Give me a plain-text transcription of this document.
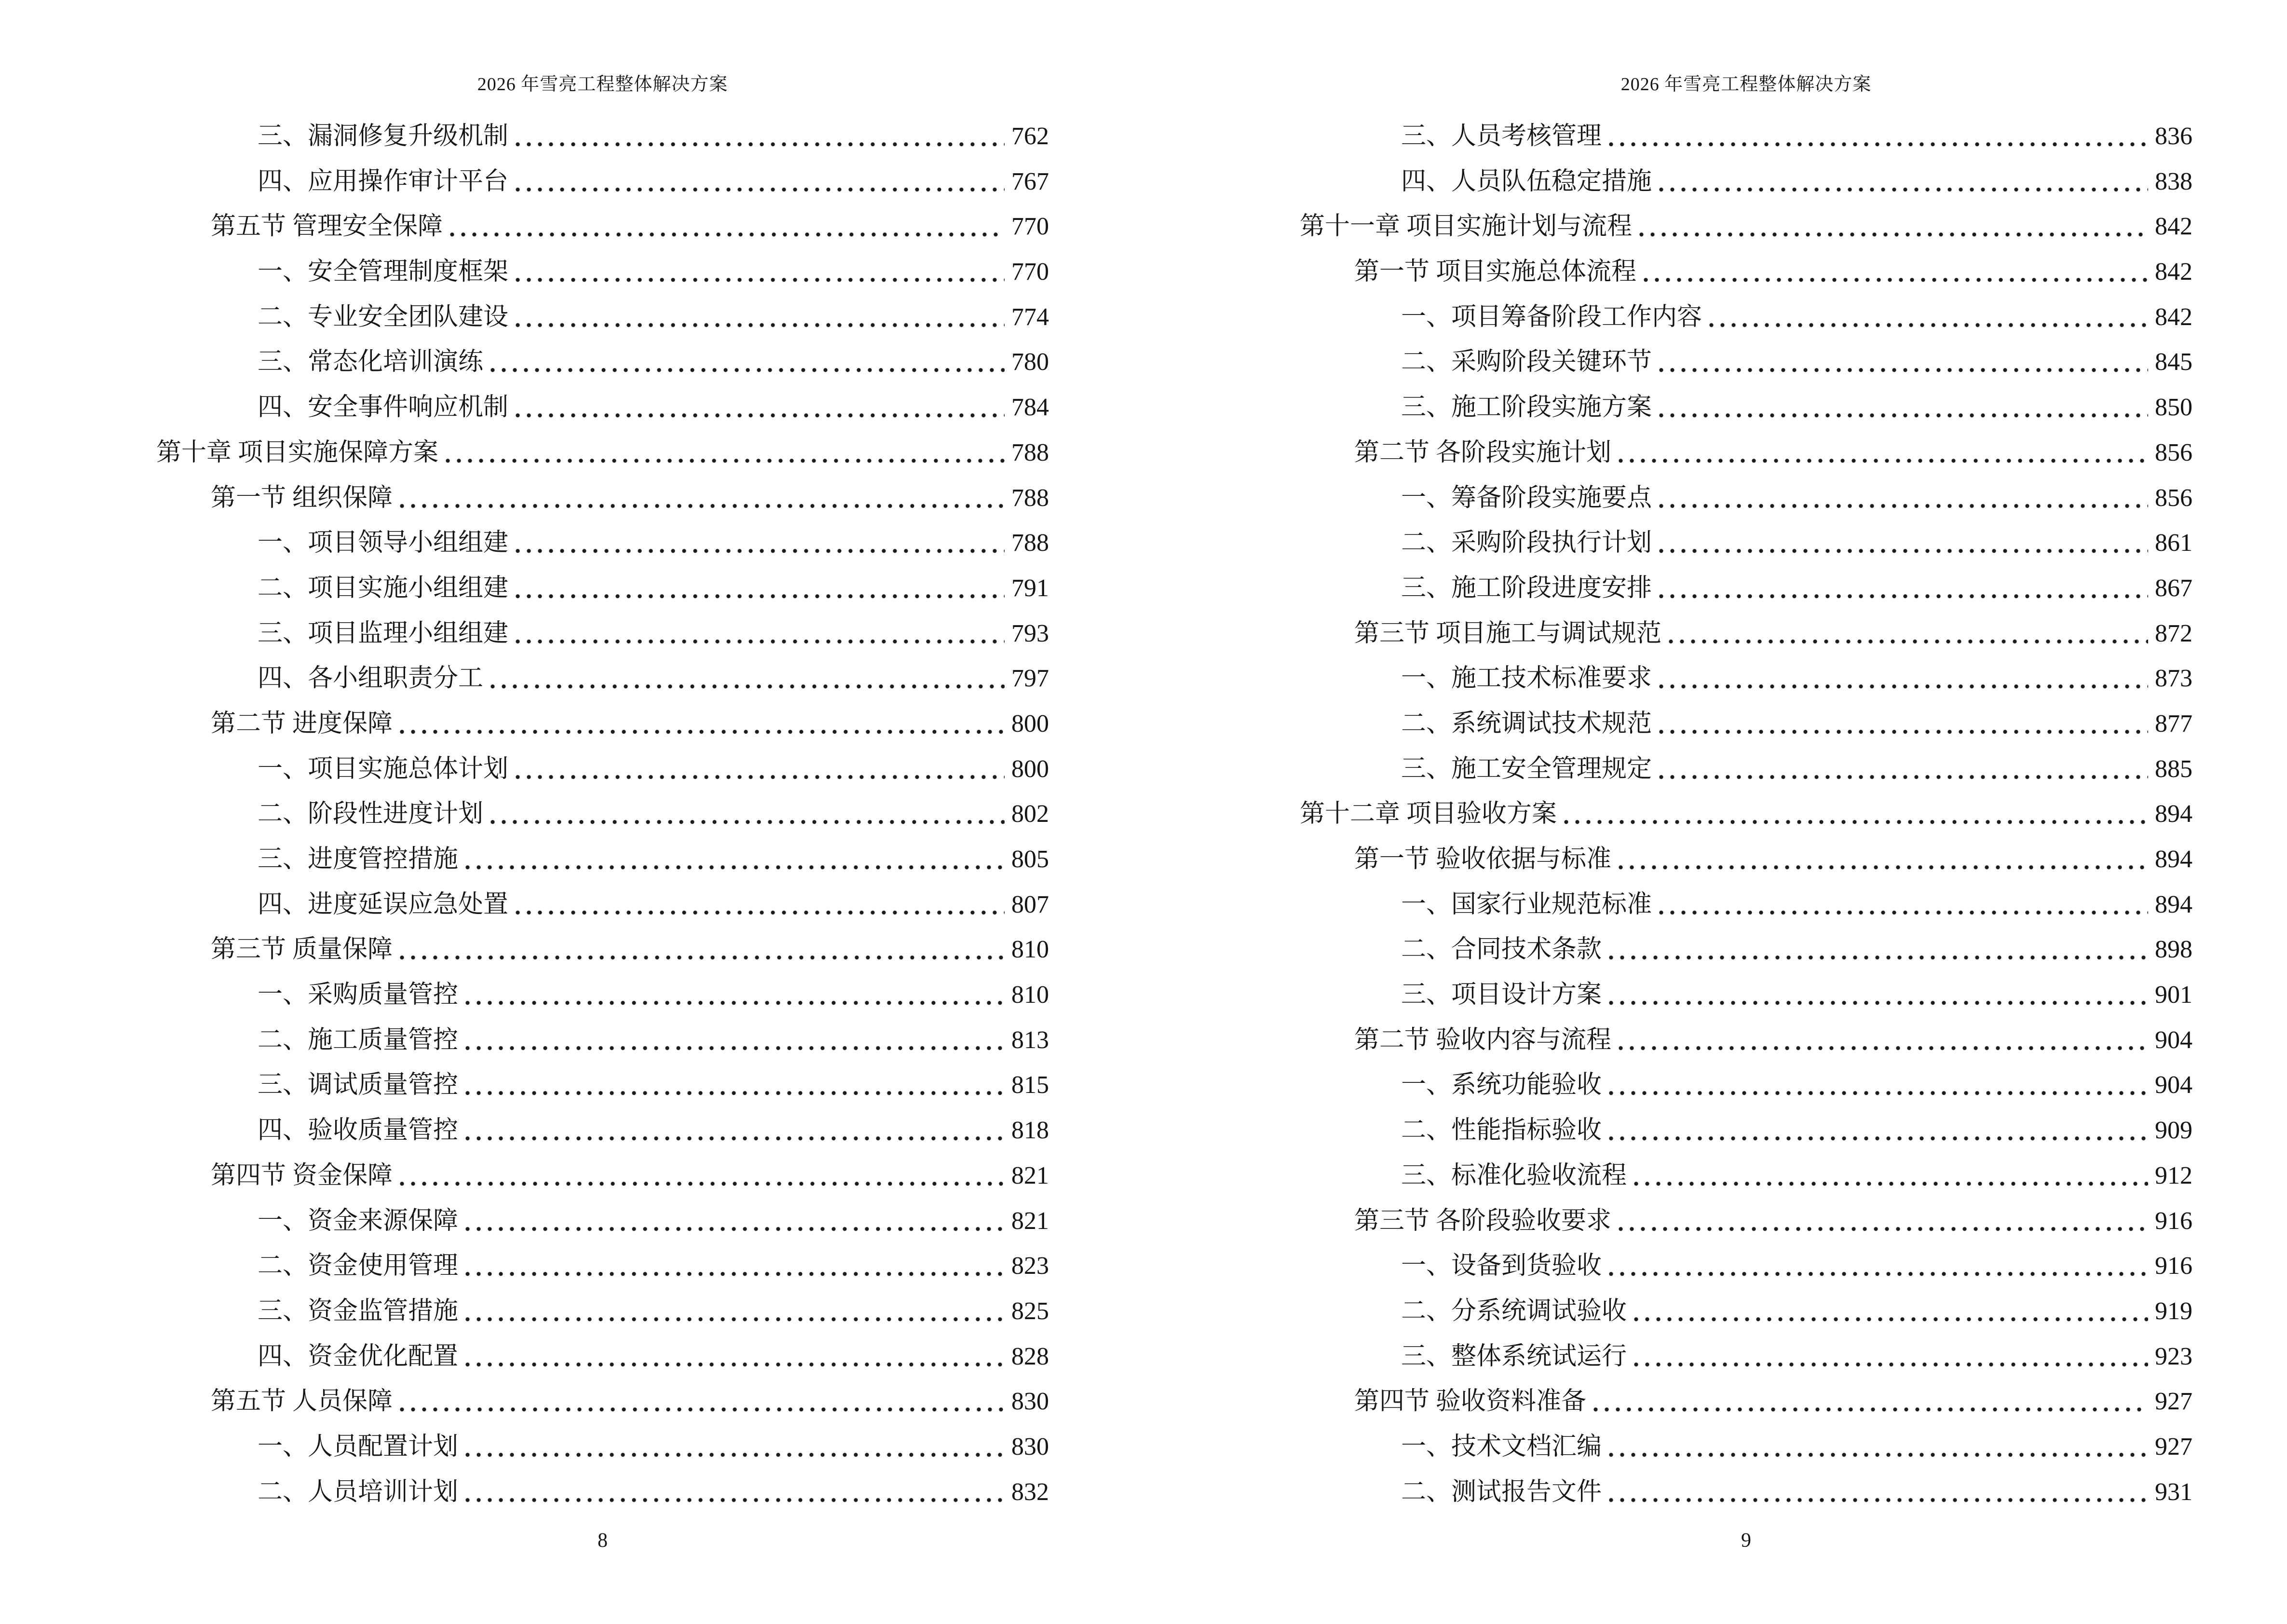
2026 年雪亮工程整体解决方案
三、漏洞修复升级机制	762
四、应用操作审计平台	767
第五节 管理安全保障	770
一、安全管理制度框架	770
二、专业安全团队建设	774
三、常态化培训演练	780
四、安全事件响应机制	784
第十章 项目实施保障方案	788
第一节 组织保障	788
一、项目领导小组组建	788
二、项目实施小组组建	791
三、项目监理小组组建	793
四、各小组职责分工	797
第二节 进度保障	800
一、项目实施总体计划	800
二、阶段性进度计划	802
三、进度管控措施	805
四、进度延误应急处置	807
第三节 质量保障	810
一、采购质量管控	810
二、施工质量管控	813
三、调试质量管控	815
四、验收质量管控	818
第四节 资金保障	821
一、资金来源保障	821
二、资金使用管理	823
三、资金监管措施	825
四、资金优化配置	828
第五节 人员保障	830
一、人员配置计划	830
二、人员培训计划	832
8
2026 年雪亮工程整体解决方案
三、人员考核管理	836
四、人员队伍稳定措施	838
第十一章 项目实施计划与流程	842
第一节 项目实施总体流程	842
一、项目筹备阶段工作内容	842
二、采购阶段关键环节	845
三、施工阶段实施方案	850
第二节 各阶段实施计划	856
一、筹备阶段实施要点	856
二、采购阶段执行计划	861
三、施工阶段进度安排	867
第三节 项目施工与调试规范	872
一、施工技术标准要求	873
二、系统调试技术规范	877
三、施工安全管理规定	885
第十二章 项目验收方案	894
第一节 验收依据与标准	894
一、国家行业规范标准	894
二、合同技术条款	898
三、项目设计方案	901
第二节 验收内容与流程	904
一、系统功能验收	904
二、性能指标验收	909
三、标准化验收流程	912
第三节 各阶段验收要求	916
一、设备到货验收	916
二、分系统调试验收	919
三、整体系统试运行	923
第四节 验收资料准备	927
一、技术文档汇编	927
二、测试报告文件	931
9
